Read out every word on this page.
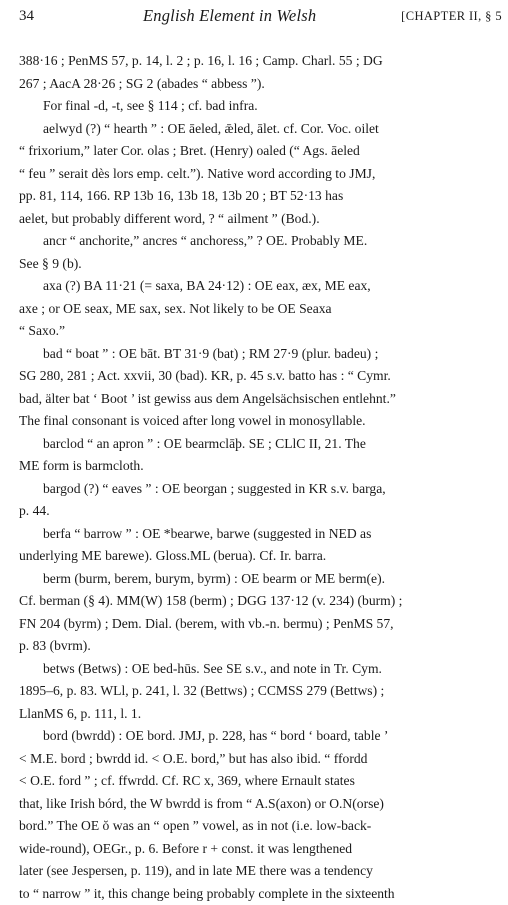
34	English Element in Welsh	[CHAPTER II, § 5
388·16 ; PenMS 57, p. 14, l. 2 ; p. 16, l. 16 ; Camp. Charl. 55 ; DG
267 ; AacA 28·26 ; SG 2 (abades “ abbess ”).
For final -d, -t, see § 114 ; cf. bad infra.
aelwyd (?) “ hearth ” : OE āeled, ǣled, ālet. cf. Cor. Voc. oilet
“ frixorium,” later Cor. olas ; Bret. (Henry) oaled (“ Ags. āeled
“ feu ” serait dès lors emp. celt.”). Native word according to JMJ,
pp. 81, 114, 166. RP 13b 16, 13b 18, 13b 20 ; BT 52·13 has
aelet, but probably different word, ? “ ailment ” (Bod.).
ancr “ anchorite,” ancres “ anchoress,” ? OE. Probably ME.
See § 9 (b).
axa (?) BA 11·21 (= saxa, BA 24·12) : OE eax, æx, ME eax,
axe ; or OE seax, ME sax, sex. Not likely to be OE Seaxa
“ Saxo.”
bad “ boat ” : OE bāt. BT 31·9 (bat) ; RM 27·9 (plur. badeu) ;
SG 280, 281 ; Act. xxvii, 30 (bad). KR, p. 45 s.v. batto has : “ Cymr.
bad, älter bat ‘ Boot ’ ist gewiss aus dem Angelsächsischen entlehnt.”
The final consonant is voiced after long vowel in monosyllable.
barclod “ an apron ” : OE bearmclāþ. SE ; CLlC II, 21. The
ME form is barmcloth.
bargod (?) “ eaves ” : OE beorgan ; suggested in KR s.v. barga,
p. 44.
berfa “ barrow ” : OE *bearwe, barwe (suggested in NED as
underlying ME barewe). Gloss.ML (berua). Cf. Ir. barra.
berm (burm, berem, burym, byrm) : OE bearm or ME berm(e).
Cf. berman (§ 4). MM(W) 158 (berm) ; DGG 137·12 (v. 234) (burm) ;
FN 204 (byrm) ; Dem. Dial. (berem, with vb.-n. bermu) ; PenMS 57,
p. 83 (bvrm).
betws (Betws) : OE bed-hūs. See SE s.v., and note in Tr. Cym.
1895–6, p. 83. WLl, p. 241, l. 32 (Bettws) ; CCMSS 279 (Bettws) ;
LlanMS 6, p. 111, l. 1.
bord (bwrdd) : OE bord. JMJ, p. 228, has “ bord ‘ board, table ’
< M.E. bord ; bwrdd id. < O.E. bord,” but has also ibid. “ ffordd
< O.E. ford ” ; cf. ffwrdd. Cf. RC x, 369, where Ernault states
that, like Irish bórd, the W bwrdd is from “ A.S(axon) or O.N(orse)
bord.” The OE ŏ was an “ open ” vowel, as in not (i.e. low-back-
wide-round), OEGr., p. 6. Before r + const. it was lengthened
later (see Jespersen, p. 119), and in late ME there was a tendency
to “ narrow ” it, this change being probably complete in the sixteenth
